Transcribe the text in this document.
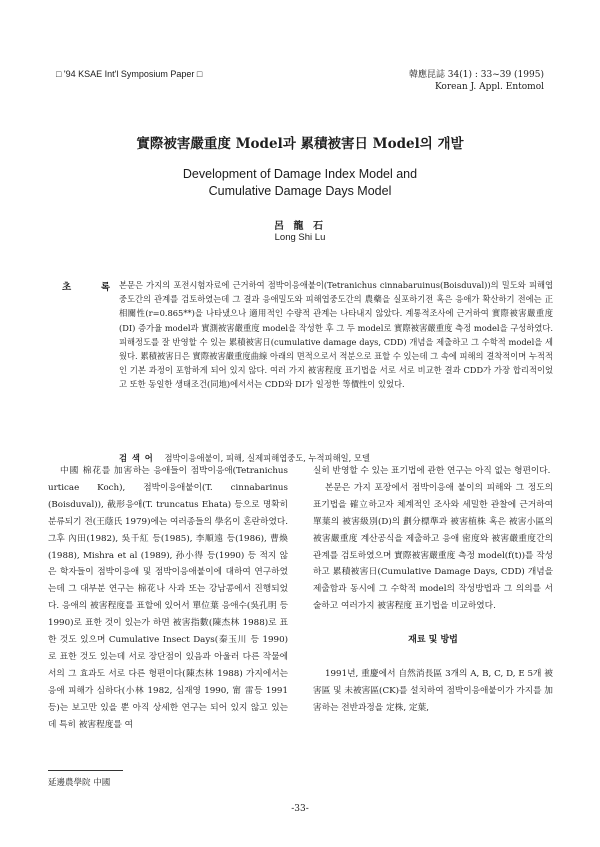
□ '94 KSAE Int'l Symposium Paper □	韓應昆誌 34(1) : 33~39 (1995)
Korean J. Appl. Entomol
實際被害嚴重度 Model과 累積被害日 Model의 개발
Development of Damage Index Model and
Cumulative Damage Days Model
呂 龍 石
Long Shi Lu
초	록 본문은 가지의 포전시험자료에 근거하여 점박이응애붙이(Tetranichus cinnabaruinus(Boisduval))의 밀도와 피해엽중도간의 관계를 검토하였는데 그 결과 응애밀도와 피해엽중도간의 農藥을 실포하기전 혹은 응애가 확산하기 전에는 正相關性(r=0.865**)을 나타냈으나 適用적인 수량적 관계는 나타내지 않았다. 계통적조사에 근거하여 實際被害嚴重度(DI) 증가율 model과 實測被害嚴重度 model을 작성한 후 그 두 model로 實際被害嚴重度 측정 model을 구성하였다. 피해정도를 잘 반영할 수 있는 累積被害日(cumulative damage days, CDD) 개념을 제출하고 그 수학적 model을 세웠다. 累積被害日은 實際被害嚴重度曲線 아래의 면적으로서 적분으로 표할 수 있는데 그 속에 피해의 결착적이며 누적적인 기본 과정이 포함하게 되어 있지 않다. 여러 가지 被害程度 표기법을 서로 서로 비교한 결과 CDD가 가장 합리적이었고 또한 동일한 생태조건(同地)에서서는 CDD와 DI가 일정한 等價性이 있었다.
검 색 어 점박이응애붙이, 피해, 실제피해엽중도, 누적피해일, 모델
中國 棉花를 加害하는 응애들이 점박이응애(Tetranichus urticae Koch), 점박이응애붙이(T. cinnabarinus (Boisduval)), 截形응애(T. truncatus Ehata) 등으로 명확히 분류되기 전(王蔭氏 1979)에는 여러종들의 學名이 혼란하였다. 그후 內田(1982), 吳千紅 등(1985), 李順遠 등(1986), 曹煥(1988), Mishra et al (1989), 孙小得 등(1990) 등 적지 않은 학자들이 점박이응애 및 점박이응애붙이에 대하여 연구하였는데 그 대부분 연구는 棉花나 사과 또는 강남콩에서 진행되었다. 응애의 被害程度를 표할에 있어서 單位葉 응애수(吳孔明 등 1990)로 표한 것이 있는가 하면 被害指數(陳杰林 1988)로 표한 것도 있으며 Cumulative Insect Days(秦玉川 등 1990)로 표한 것도 있는데 서로 장단점이 있음과 아울러 다른 작물에서의 그 효과도 서로 다른 형편이다(陳杰林 1988) 가지에서는 응애 피해가 심하다(小林 1982, 심재영 1990, 甯 雷등 1991 등)는 보고만 있을 뿐 아직 상세한 연구는 되어 있지 않고 있는데 특히 被害程度를 여

실히 반영할 수 있는 표기법에 관한 연구는 아직 없는 형편이다.

본문은 가지 포장에서 점박이응애 붙이의 피해와 그 정도의 표기법을 確立하고자 체계적인 조사와 세밀한 관찰에 근거하여 單葉의 被害級別(D)의 劃分標準과 被害植株 혹은 被害小區의 被害嚴重度 계산공식을 제출하고 응애 密度와 被害嚴重度간의 관계를 검토하였으며 實際被害嚴重度 측정 model(f(t))를 작성하고 累積被害日(Cumulative Damage Days, CDD) 개념을 제출함과 동시에 그 수학적 model의 작성방법과 그 의의를 서술하고 여러가지 被害程度 표기법을 비교하였다.

재료 및 방법

1991년, 重慶에서 自然消長區 3개의 A, B, C, D, E 5개 被害區 및 未被害區(CK)를 설치하여 점박이응애붙이가 가지를 加害하는 전반과정을 定株, 定葉,

延邊農學院 中國
-33-
